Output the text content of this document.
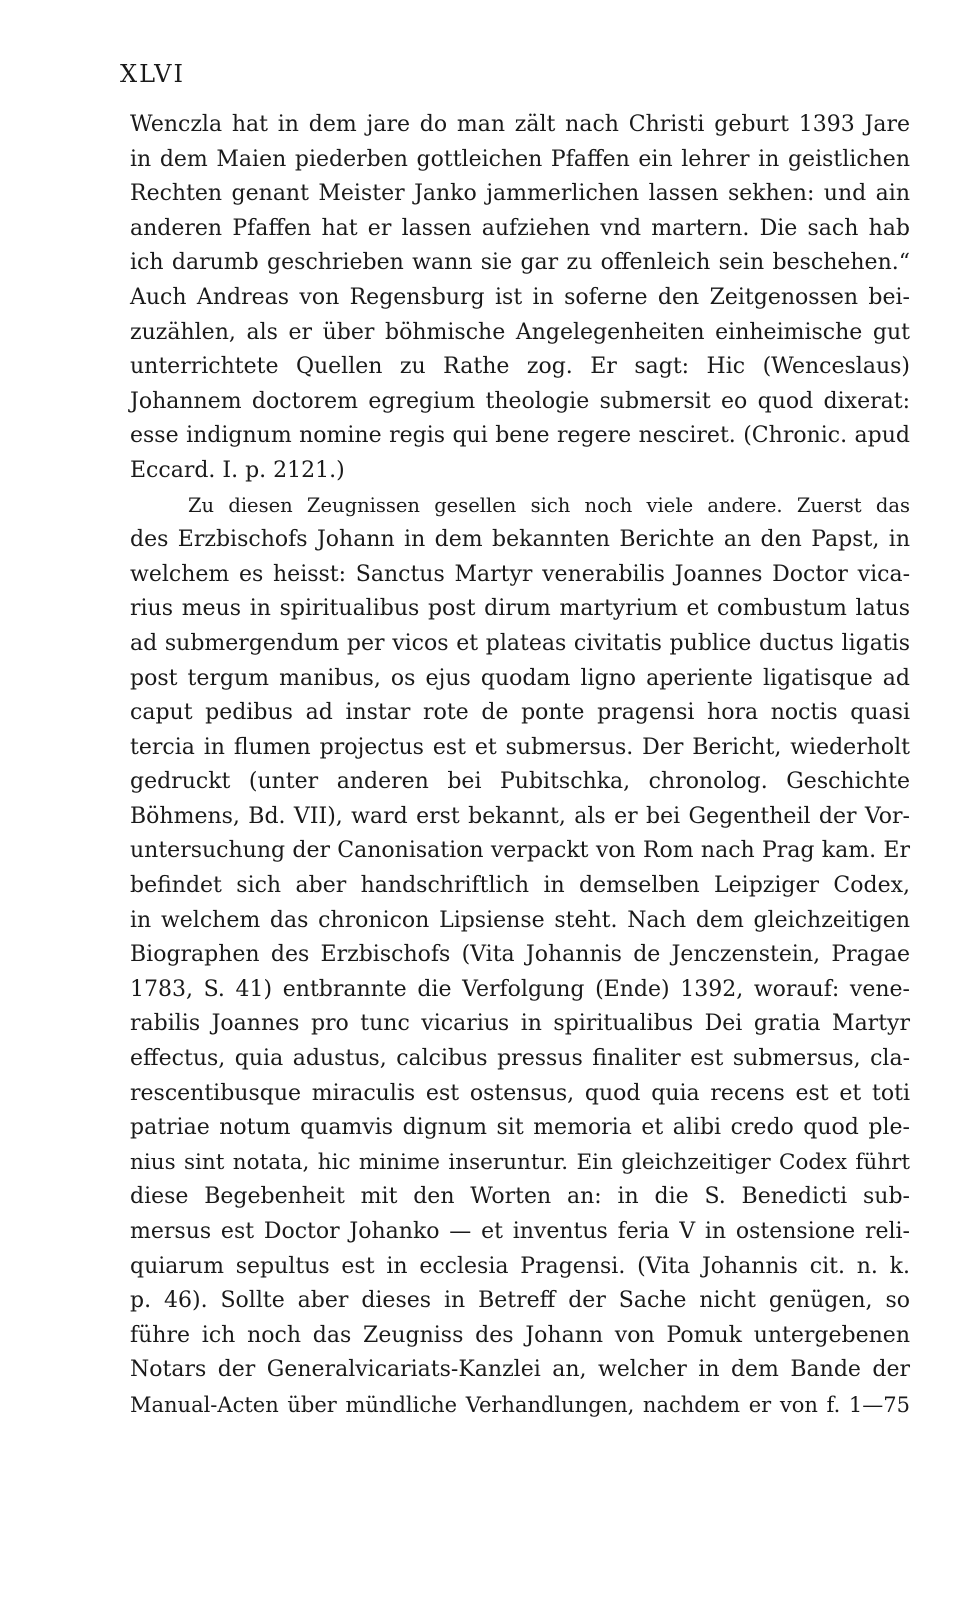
XLVI
Wenczla hat in dem jare do man zält nach Christi geburt 1393 Jare
in dem Maien piederben gottleichen Pfaffen ein lehrer in geistlichen
Rechten genant Meister Janko jammerlichen lassen sekhen: und ain
anderen Pfaffen hat er lassen aufziehen vnd martern. Die sach hab
ich darumb geschrieben wann sie gar zu offenleich sein beschehen.“
Auch Andreas von Regensburg ist in soferne den Zeitgenossen bei-
zuzählen, als er über böhmische Angelegenheiten einheimische gut
unterrichtete Quellen zu Rathe zog. Er sagt: Hic (Wenceslaus)
Johannem doctorem egregium theologie submersit eo quod dixerat:
esse indignum nomine regis qui bene regere nesciret. (Chronic. apud
Eccard. I. p. 2121.)
Zu diesen Zeugnissen gesellen sich noch viele andere. Zuerst das
des Erzbischofs Johann in dem bekannten Berichte an den Papst, in
welchem es heisst: Sanctus Martyr venerabilis Joannes Doctor vica-
rius meus in spiritualibus post dirum martyrium et combustum latus
ad submergendum per vicos et plateas civitatis publice ductus ligatis
post tergum manibus, os ejus quodam ligno aperiente ligatisque ad
caput pedibus ad instar rote de ponte pragensi hora noctis quasi
tercia in flumen projectus est et submersus. Der Bericht, wiederholt
gedruckt (unter anderen bei Pubitschka, chronolog. Geschichte
Böhmens, Bd. VII), ward erst bekannt, als er bei Gegentheil der Vor-
untersuchung der Canonisation verpackt von Rom nach Prag kam. Er
befindet sich aber handschriftlich in demselben Leipziger Codex,
in welchem das chronicon Lipsiense steht. Nach dem gleichzeitigen
Biographen des Erzbischofs (Vita Johannis de Jenczenstein, Pragae
1783, S. 41) entbrannte die Verfolgung (Ende) 1392, worauf: vene-
rabilis Joannes pro tunc vicarius in spiritualibus Dei gratia Martyr
effectus, quia adustus, calcibus pressus finaliter est submersus, cla-
rescentibusque miraculis est ostensus, quod quia recens est et toti
patriae notum quamvis dignum sit memoria et alibi credo quod ple-
nius sint notata, hic minime inseruntur. Ein gleichzeitiger Codex führt
diese Begebenheit mit den Worten an: in die S. Benedicti sub-
mersus est Doctor Johanko — et inventus feria V in ostensione reli-
quiarum sepultus est in ecclesia Pragensi. (Vita Johannis cit. n. k.
p. 46). Sollte aber dieses in Betreff der Sache nicht genügen, so
führe ich noch das Zeugniss des Johann von Pomuk untergebenen
Notars der Generalvicariats-Kanzlei an, welcher in dem Bande der
Manual-Acten über mündliche Verhandlungen, nachdem er von f. 1—75
